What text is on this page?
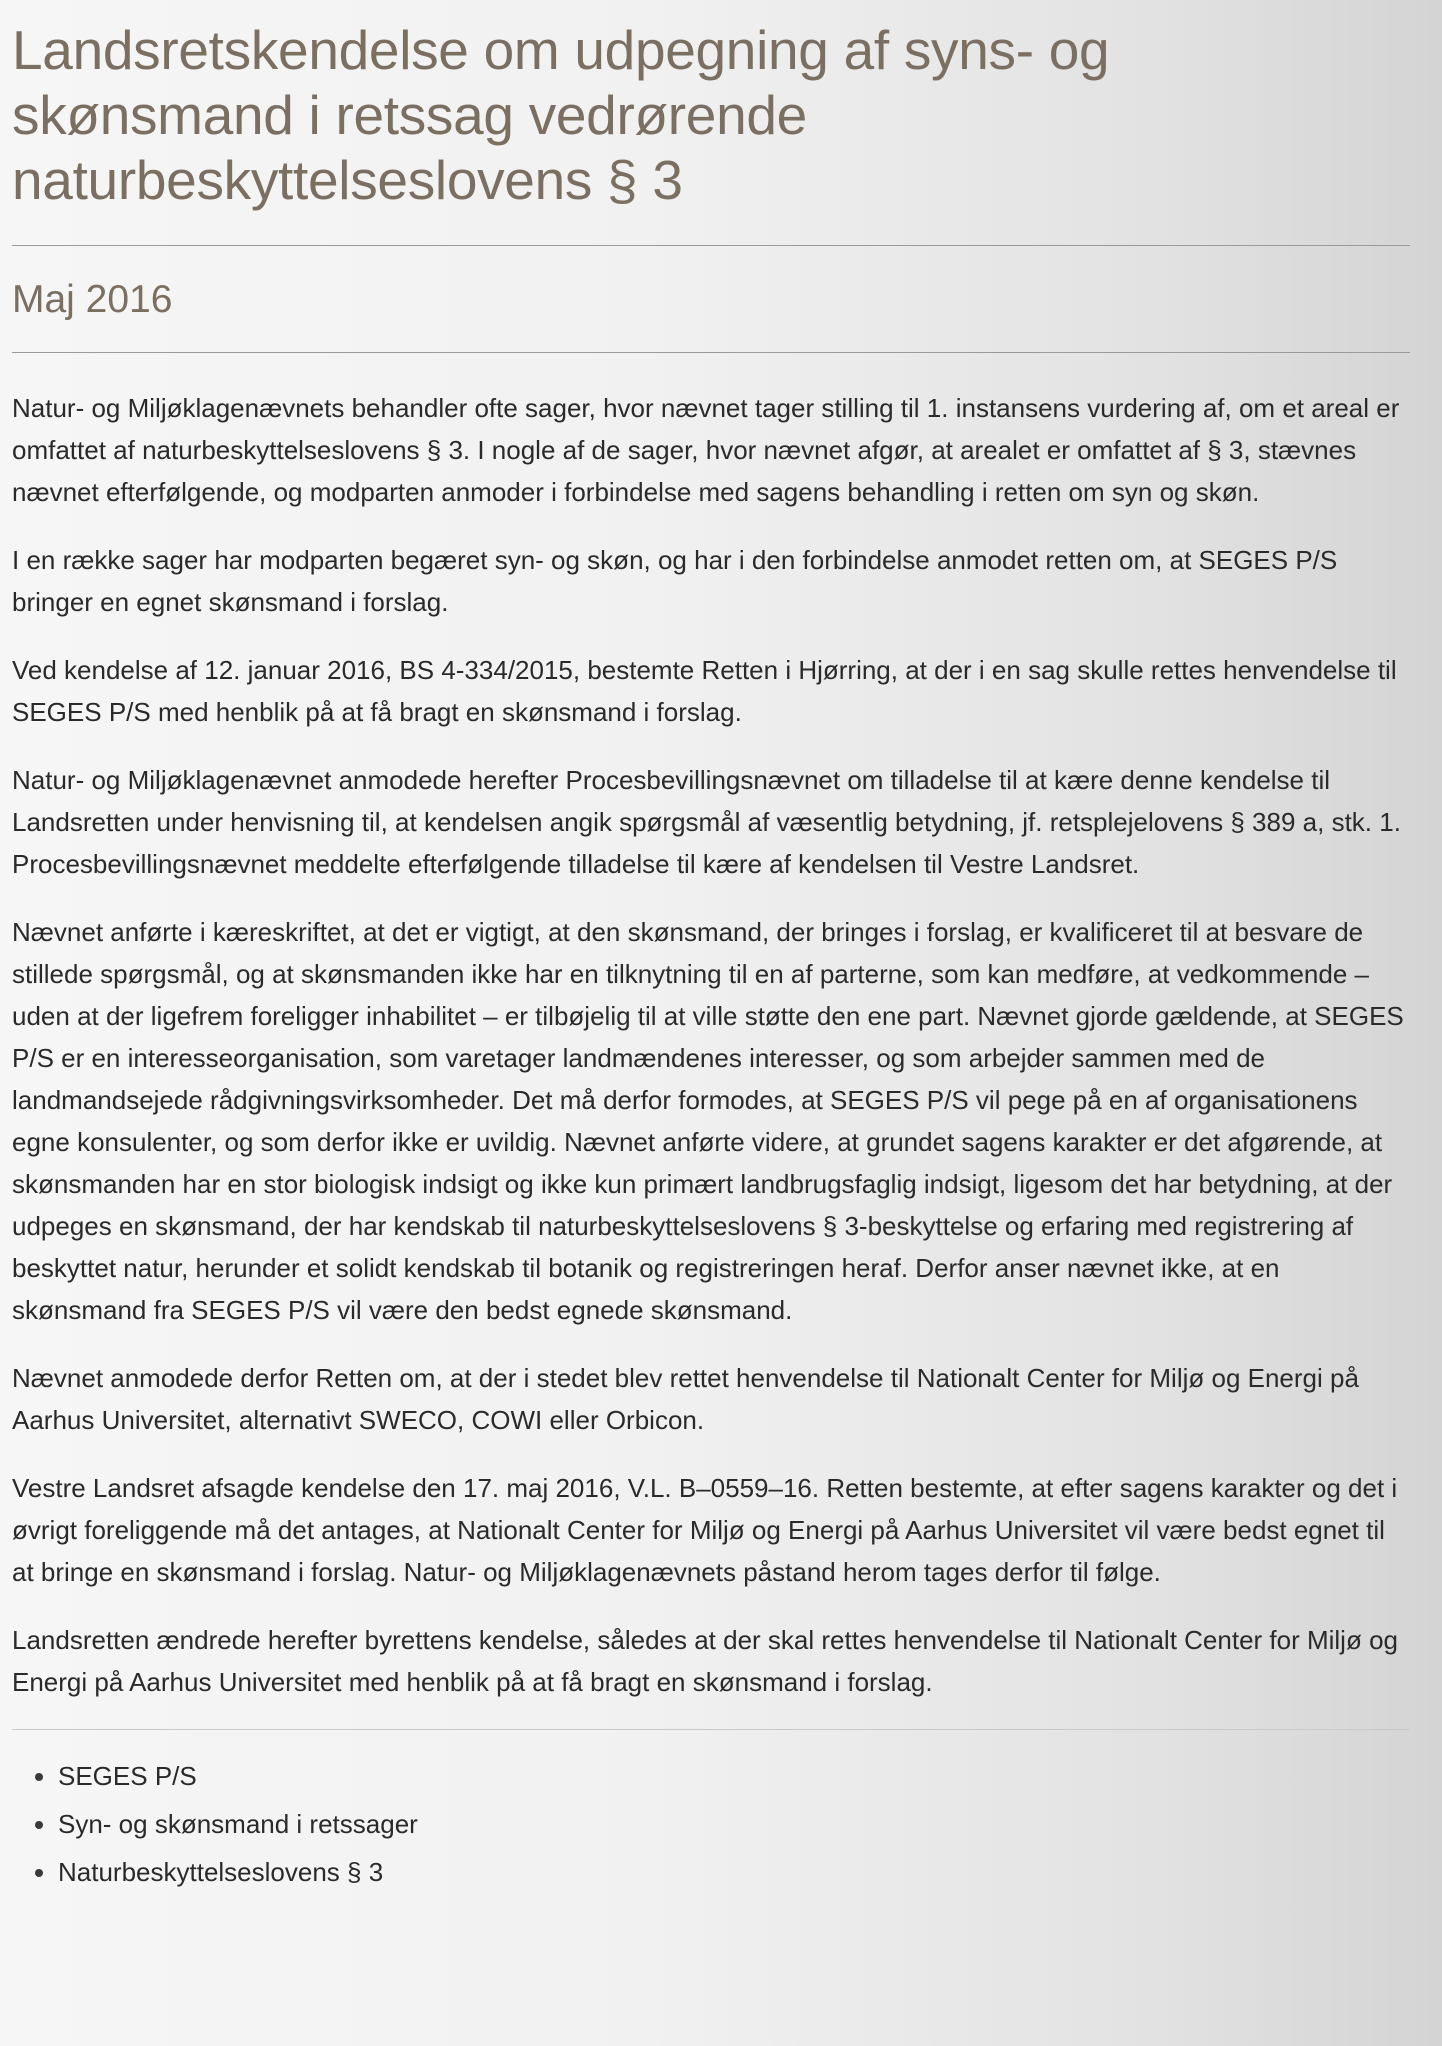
Landsretskendelse om udpegning af syns- og skønsmand i retssag vedrørende naturbeskyttelseslovens § 3
Maj 2016

Natur- og Miljøklagenævnets behandler ofte sager, hvor nævnet tager stilling til 1. instansens vurdering af, om et areal er omfattet af naturbeskyttelseslovens § 3. I nogle af de sager, hvor nævnet afgør, at arealet er omfattet af § 3, stævnes nævnet efterfølgende, og modparten anmoder i forbindelse med sagens behandling i retten om syn og skøn.

I en række sager har modparten begæret syn- og skøn, og har i den forbindelse anmodet retten om, at SEGES P/S bringer en egnet skønsmand i forslag.

Ved kendelse af 12. januar 2016, BS 4-334/2015, bestemte Retten i Hjørring, at der i en sag skulle rettes henvendelse til SEGES P/S med henblik på at få bragt en skønsmand i forslag.

Natur- og Miljøklagenævnet anmodede herefter Procesbevillingsnævnet om tilladelse til at kære denne kendelse til Landsretten under henvisning til, at kendelsen angik spørgsmål af væsentlig betydning, jf. retsplejelovens § 389 a, stk. 1. Procesbevillingsnævnet meddelte efterfølgende tilladelse til kære af kendelsen til Vestre Landsret.

Nævnet anførte i kæreskriftet, at det er vigtigt, at den skønsmand, der bringes i forslag, er kvalificeret til at besvare de stillede spørgsmål, og at skønsmanden ikke har en tilknytning til en af parterne, som kan medføre, at vedkommende – uden at der ligefrem foreligger inhabilitet – er tilbøjelig til at ville støtte den ene part. Nævnet gjorde gældende, at SEGES P/S er en interesseorganisation, som varetager landmændenes interesser, og som arbejder sammen med de landmandsejede rådgivningsvirksomheder. Det må derfor formodes, at SEGES P/S vil pege på en af organisationens egne konsulenter, og som derfor ikke er uvildig. Nævnet anførte videre, at grundet sagens karakter er det afgørende, at skønsmanden har en stor biologisk indsigt og ikke kun primært landbrugsfaglig indsigt, ligesom det har betydning, at der udpeges en skønsmand, der har kendskab til naturbeskyttelseslovens § 3-beskyttelse og erfaring med registrering af beskyttet natur, herunder et solidt kendskab til botanik og registreringen heraf. Derfor anser nævnet ikke, at en skønsmand fra SEGES P/S vil være den bedst egnede skønsmand.

Nævnet anmodede derfor Retten om, at der i stedet blev rettet henvendelse til Nationalt Center for Miljø og Energi på Aarhus Universitet, alternativt SWECO, COWI eller Orbicon.

Vestre Landsret afsagde kendelse den 17. maj 2016, V.L. B–0559–16. Retten bestemte, at efter sagens karakter og det i øvrigt foreliggende må det antages, at Nationalt Center for Miljø og Energi på Aarhus Universitet vil være bedst egnet til at bringe en skønsmand i forslag. Natur- og Miljøklagenævnets påstand herom tages derfor til følge.

Landsretten ændrede herefter byrettens kendelse, således at der skal rettes henvendelse til Nationalt Center for Miljø og Energi på Aarhus Universitet med henblik på at få bragt en skønsmand i forslag.

• SEGES P/S
• Syn- og skønsmand i retssager
• Naturbeskyttelseslovens § 3
